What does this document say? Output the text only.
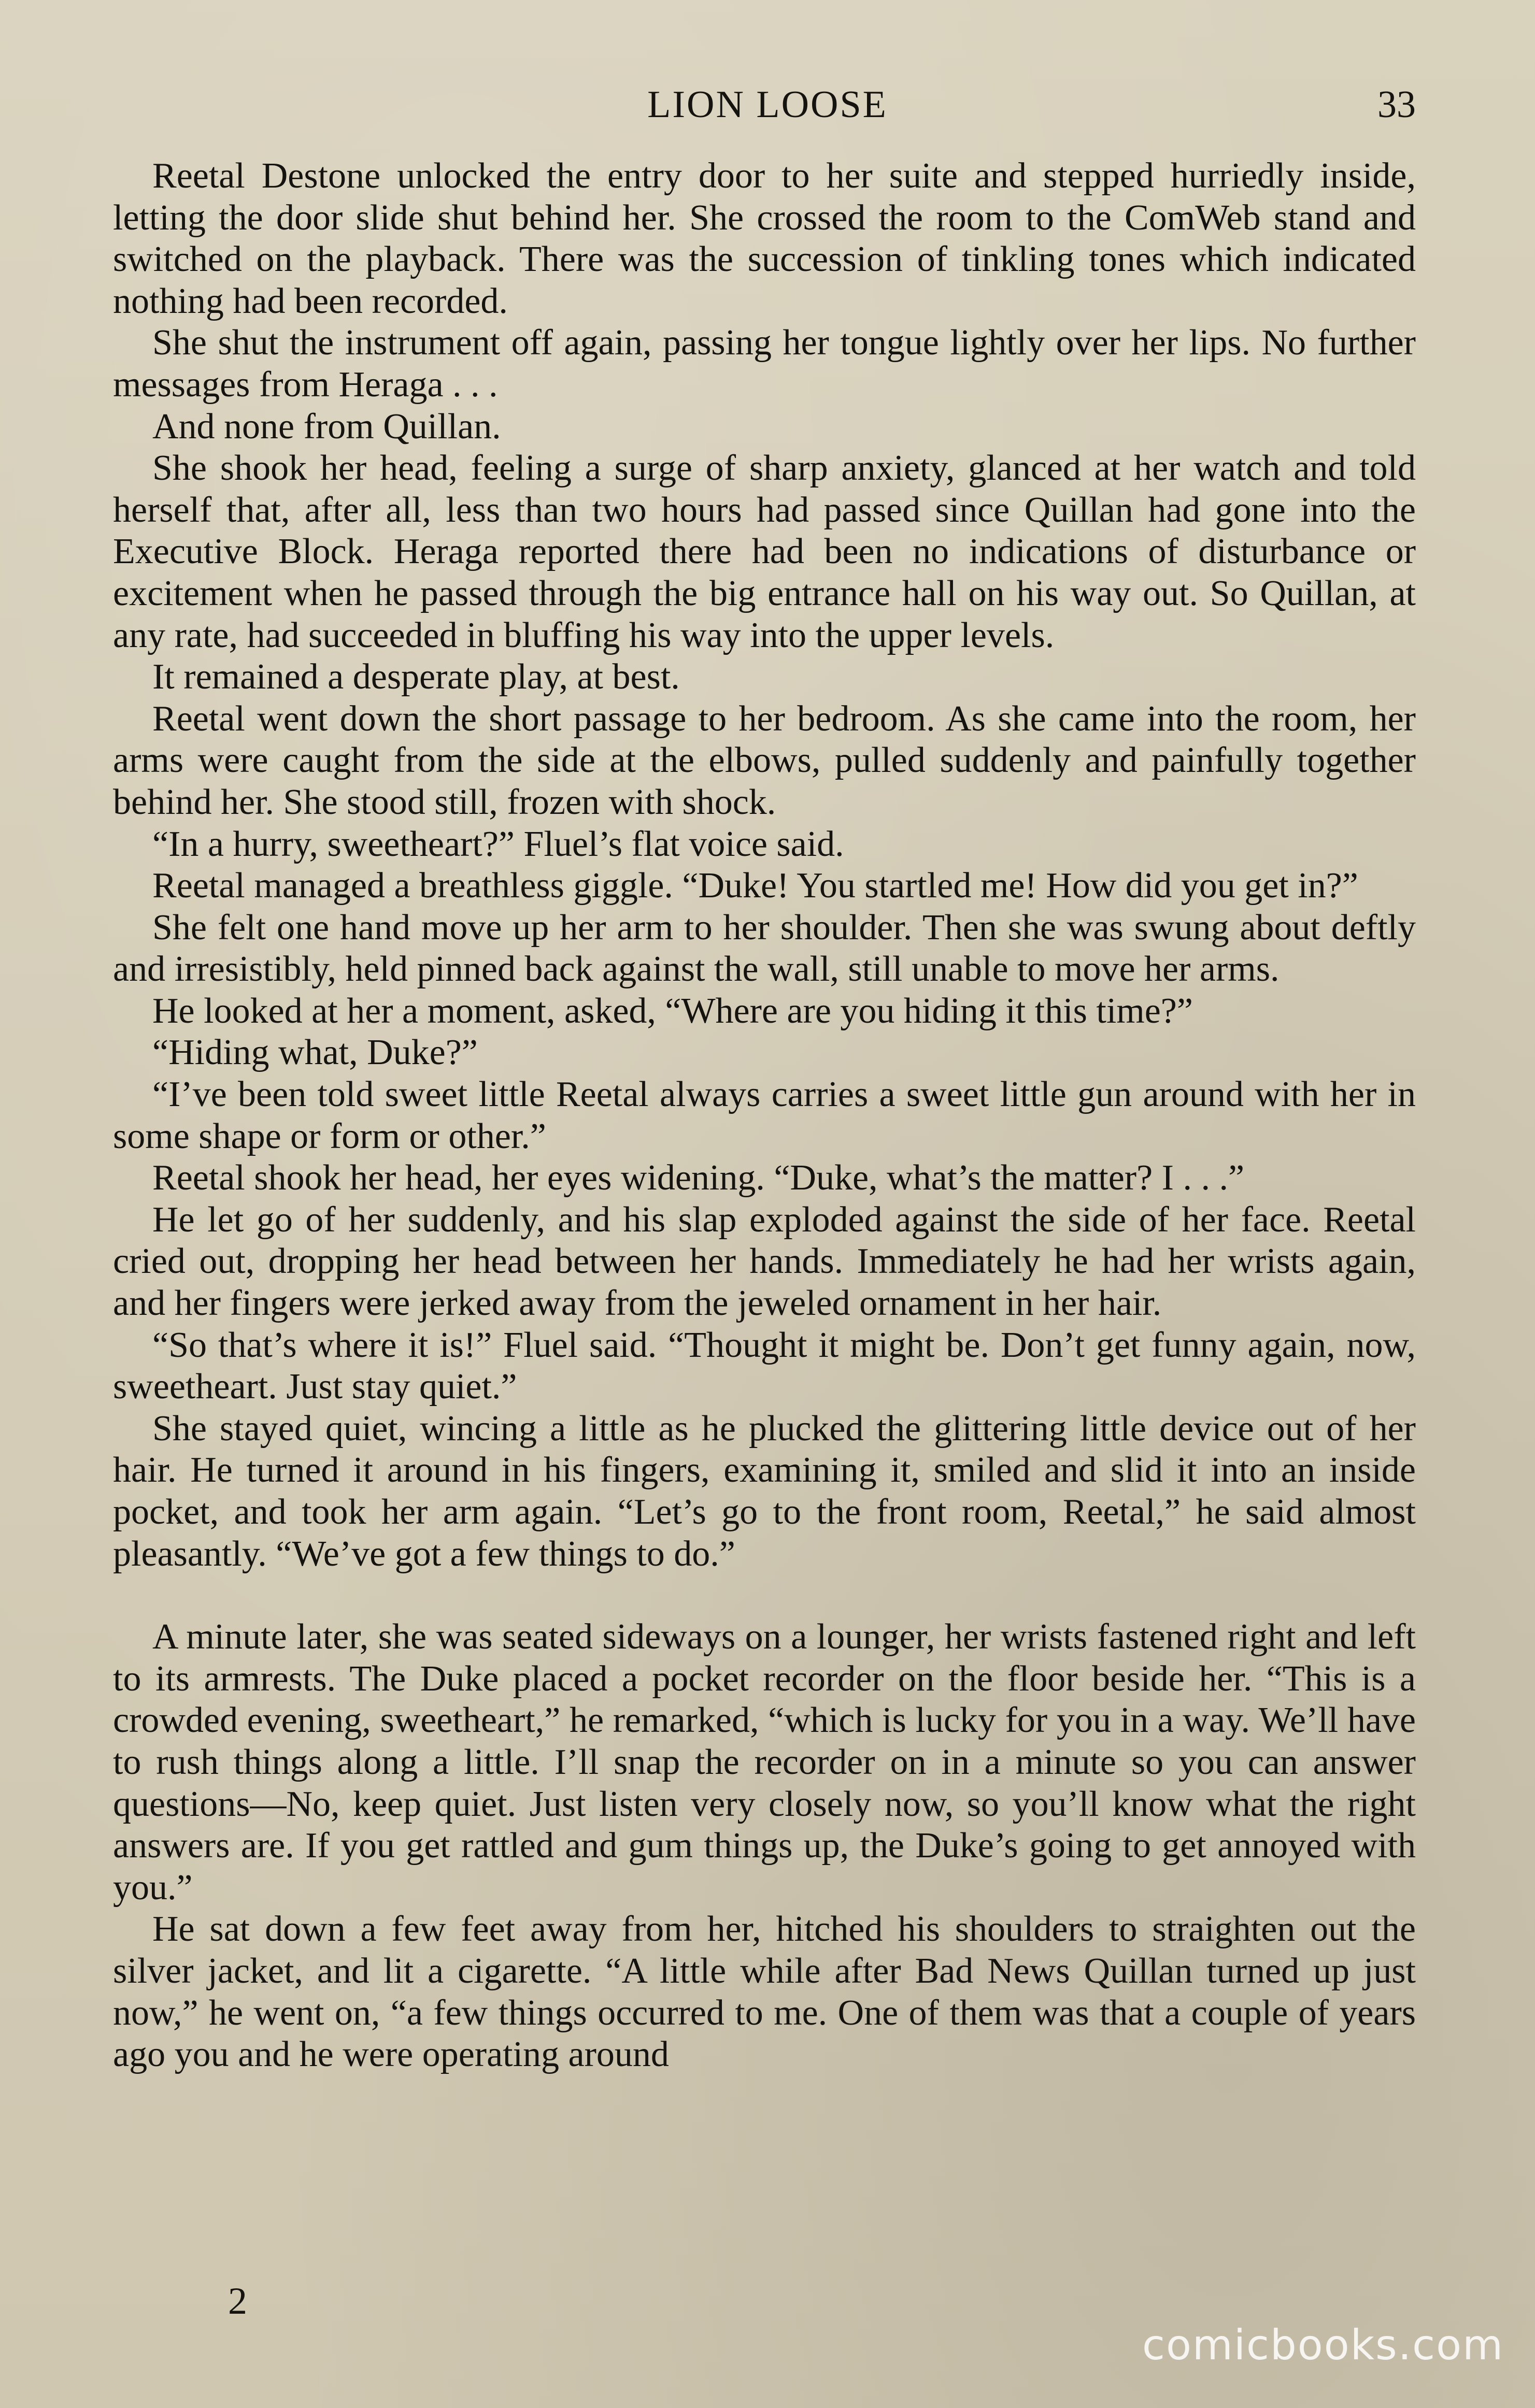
LION LOOSE	33

Reetal Destone unlocked the entry door to her suite and stepped hurriedly inside, letting the door slide shut behind her. She crossed the room to the ComWeb stand and switched on the playback. There was the succession of tinkling tones which indicated nothing had been recorded.

She shut the instrument off again, passing her tongue lightly over her lips. No further messages from Heraga . . .

And none from Quillan.

She shook her head, feeling a surge of sharp anxiety, glanced at her watch and told herself that, after all, less than two hours had passed since Quillan had gone into the Executive Block. Heraga reported there had been no indications of disturbance or excitement when he passed through the big entrance hall on his way out. So Quillan, at any rate, had succeeded in bluffing his way into the upper levels.

It remained a desperate play, at best.

Reetal went down the short passage to her bedroom. As she came into the room, her arms were caught from the side at the elbows, pulled suddenly and painfully together behind her. She stood still, frozen with shock.

“In a hurry, sweetheart?” Fluel’s flat voice said.

Reetal managed a breathless giggle. “Duke! You startled me! How did you get in?”

She felt one hand move up her arm to her shoulder. Then she was swung about deftly and irresistibly, held pinned back against the wall, still unable to move her arms.

He looked at her a moment, asked, “Where are you hiding it this time?”

“Hiding what, Duke?”

“I’ve been told sweet little Reetal always carries a sweet little gun around with her in some shape or form or other.”

Reetal shook her head, her eyes widening. “Duke, what’s the matter? I . . .”

He let go of her suddenly, and his slap exploded against the side of her face. Reetal cried out, dropping her head between her hands. Immediately he had her wrists again, and her fingers were jerked away from the jeweled ornament in her hair.

“So that’s where it is!” Fluel said. “Thought it might be. Don’t get funny again, now, sweetheart. Just stay quiet.”

She stayed quiet, wincing a little as he plucked the glittering little device out of her hair. He turned it around in his fingers, examining it, smiled and slid it into an inside pocket, and took her arm again. “Let’s go to the front room, Reetal,” he said almost pleasantly. “We’ve got a few things to do.”

A minute later, she was seated sideways on a lounger, her wrists fastened right and left to its armrests. The Duke placed a pocket recorder on the floor beside her. “This is a crowded evening, sweetheart,” he remarked, “which is lucky for you in a way. We’ll have to rush things along a little. I’ll snap the recorder on in a minute so you can answer questions—No, keep quiet. Just listen very closely now, so you’ll know what the right answers are. If you get rattled and gum things up, the Duke’s going to get annoyed with you.”

He sat down a few feet away from her, hitched his shoulders to straighten out the silver jacket, and lit a cigarette. “A little while after Bad News Quillan turned up just now,” he went on, “a few things occurred to me. One of them was that a couple of years ago you and he were operating around

2
comicbooks.com
